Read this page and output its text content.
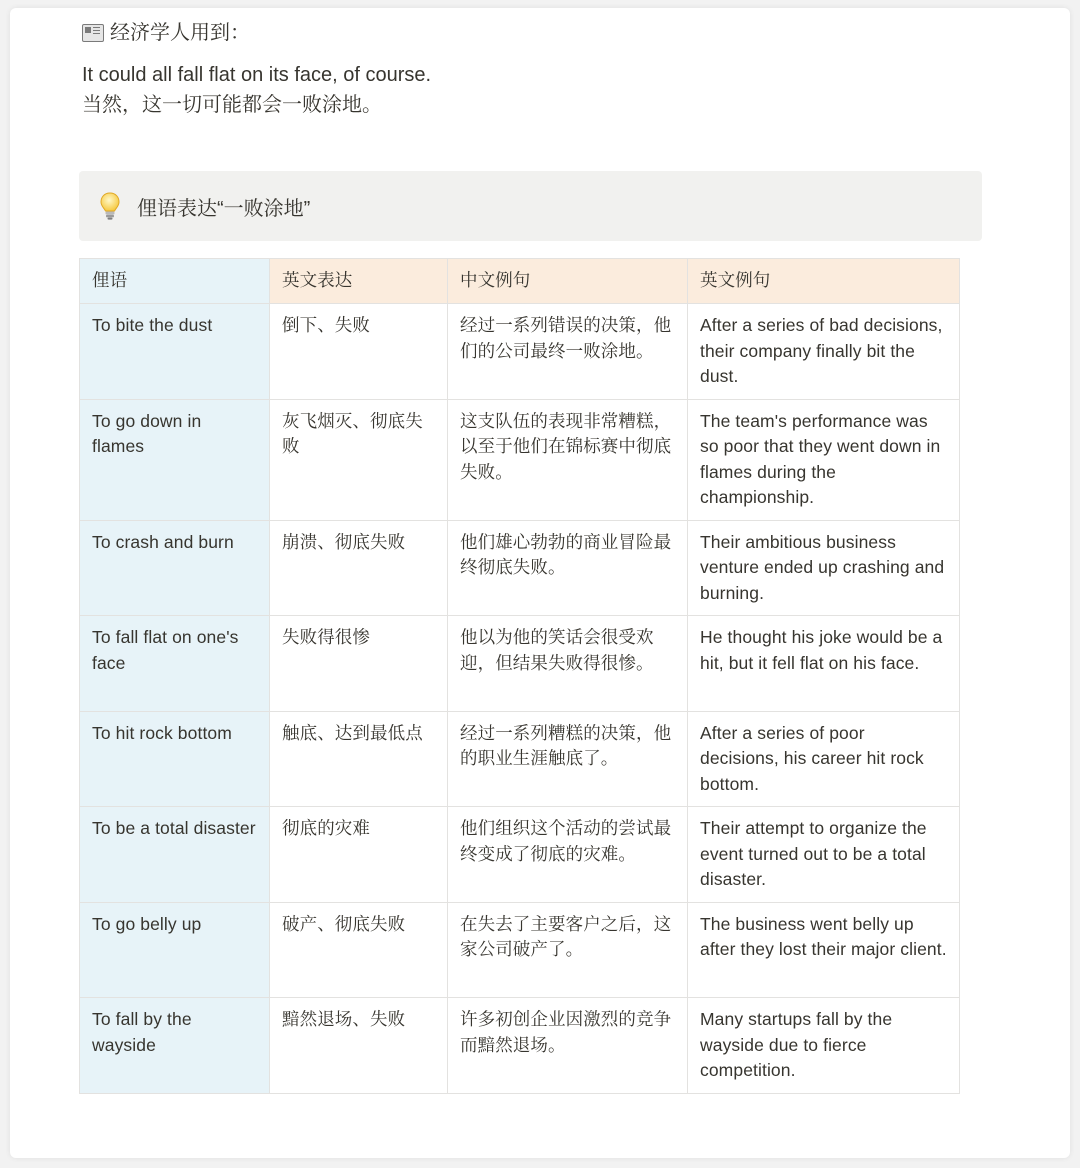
经济学人用到：
It could all fall flat on its face, of course.
当然，这一切可能都会一败涂地。
俚语表达“一败涂地”
俚语	英文表达	中文例句	英文例句
To bite the dust	倒下、失败	经过一系列错误的决策，他们的公司最终一败涂地。	After a series of bad decisions, their company finally bit the dust.
To go down in flames	灰飞烟灭、彻底失败	这支队伍的表现非常糟糕，以至于他们在锦标赛中彻底失败。	The team's performance was so poor that they went down in flames during the championship.
To crash and burn	崩溃、彻底失败	他们雄心勃勃的商业冒险最终彻底失败。	Their ambitious business venture ended up crashing and burning.
To fall flat on one's face	失败得很惨	他以为他的笑话会很受欢迎，但结果失败得很惨。	He thought his joke would be a hit, but it fell flat on his face.
To hit rock bottom	触底、达到最低点	经过一系列糟糕的决策，他的职业生涯触底了。	After a series of poor decisions, his career hit rock bottom.
To be a total disaster	彻底的灾难	他们组织这个活动的尝试最终变成了彻底的灾难。	Their attempt to organize the event turned out to be a total disaster.
To go belly up	破产、彻底失败	在失去了主要客户之后，这家公司破产了。	The business went belly up after they lost their major client.
To fall by the wayside	黯然退场、失败	许多初创企业因激烈的竞争而黯然退场。	Many startups fall by the wayside due to fierce competition.
